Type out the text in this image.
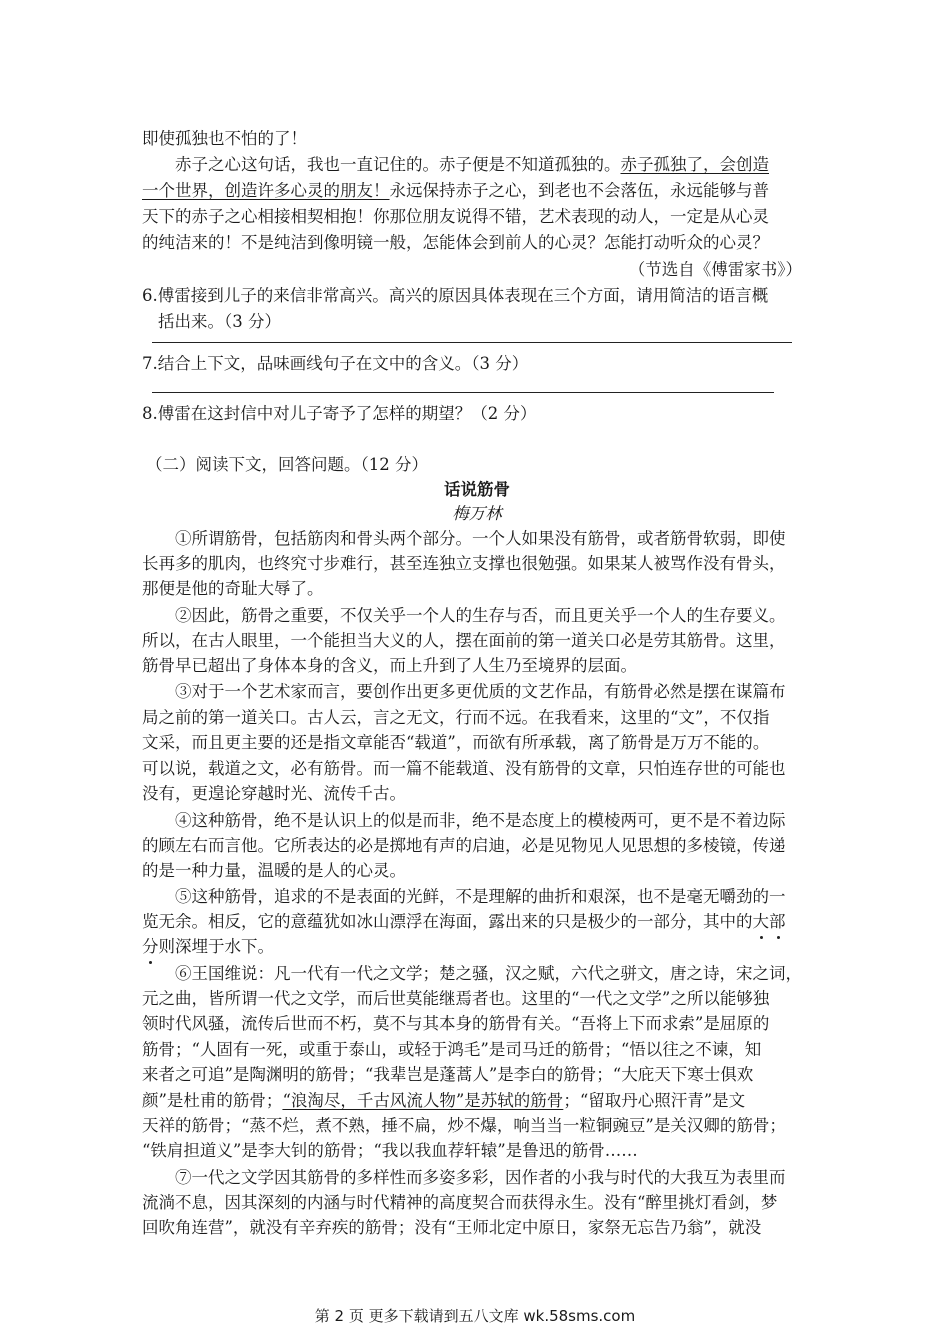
即使孤独也不怕的了！
赤子之心这句话，我也一直记住的。赤子便是不知道孤独的。赤子孤独了，会创造
一个世界，创造许多心灵的朋友！永远保持赤子之心，到老也不会落伍，永远能够与普
天下的赤子之心相接相契相抱！你那位朋友说得不错，艺术表现的动人，一定是从心灵
的纯洁来的！不是纯洁到像明镜一般，怎能体会到前人的心灵？怎能打动听众的心灵？
（节选自《傅雷家书》）
6.傅雷接到儿子的来信非常高兴。高兴的原因具体表现在三个方面，请用简洁的语言概
括出来。（3 分）
7.结合上下文，品味画线句子在文中的含义。（3 分）
8.傅雷在这封信中对儿子寄予了怎样的期望？（2 分）
（二）阅读下文，回答问题。（12 分）
话说筋骨
梅万林
①所谓筋骨，包括筋肉和骨头两个部分。一个人如果没有筋骨，或者筋骨软弱，即使
长再多的肌肉，也终究寸步难行，甚至连独立支撑也很勉强。如果某人被骂作没有骨头，
那便是他的奇耻大辱了。
②因此，筋骨之重要，不仅关乎一个人的生存与否，而且更关乎一个人的生存要义。
所以，在古人眼里，一个能担当大义的人，摆在面前的第一道关口必是劳其筋骨。这里，
筋骨早已超出了身体本身的含义，而上升到了人生乃至境界的层面。
③对于一个艺术家而言，要创作出更多更优质的文艺作品，有筋骨必然是摆在谋篇布
局之前的第一道关口。古人云，言之无文，行而不远。在我看来，这里的“文”，不仅指
文采，而且更主要的还是指文章能否“载道”，而欲有所承载，离了筋骨是万万不能的。
可以说，载道之文，必有筋骨。而一篇不能载道、没有筋骨的文章，只怕连存世的可能也
没有，更遑论穿越时光、流传千古。
④这种筋骨，绝不是认识上的似是而非，绝不是态度上的模棱两可，更不是不着边际
的顾左右而言他。它所表达的必是掷地有声的启迪，必是见物见人见思想的多棱镜，传递
的是一种力量，温暖的是人的心灵。
⑤这种筋骨，追求的不是表面的光鲜，不是理解的曲折和艰深，也不是毫无嚼劲的一
览无余。相反，它的意蕴犹如冰山漂浮在海面，露出来的只是极少的一部分，其中的大部
分
则深埋于水下。
⑥王国维说：凡一代有一代之文学；楚之骚，汉之赋，六代之骈文，唐之诗，宋之词，
元之曲，皆所谓一代之文学，而后世莫能继焉者也。这里的“一代之文学”之所以能够独
领时代风骚，流传后世而不朽，莫不与其本身的筋骨有关。“吾将上下而求索”是屈原的
筋骨；“人固有一死，或重于泰山，或轻于鸿毛”是司马迁的筋骨；“悟以往之不谏，知
来者之可追”是陶渊明的筋骨；“我辈岂是蓬蒿人”是李白的筋骨；“大庇天下寒士俱欢
颜”是杜甫的筋骨；“浪淘尽，千古风流人物”是苏轼的筋骨；“留取丹心照汗青”是文
天祥的筋骨；“蒸不烂，煮不熟，捶不扁，炒不爆，响当当一粒铜豌豆”是关汉卿的筋骨；
“铁肩担道义”是李大钊的筋骨；“我以我血荐轩辕”是鲁迅的筋骨……
⑦一代之文学因其筋骨的多样性而多姿多彩，因作者的小我与时代的大我互为表里而
流淌不息，因其深刻的内涵与时代精神的高度契合而获得永生。没有“醉里挑灯看剑，梦
回吹角连营”，就没有辛弃疾的筋骨；没有“王师北定中原日，家祭无忘告乃翁”，就没
第 2 页 更多下载请到五八文库 wk.58sms.com
